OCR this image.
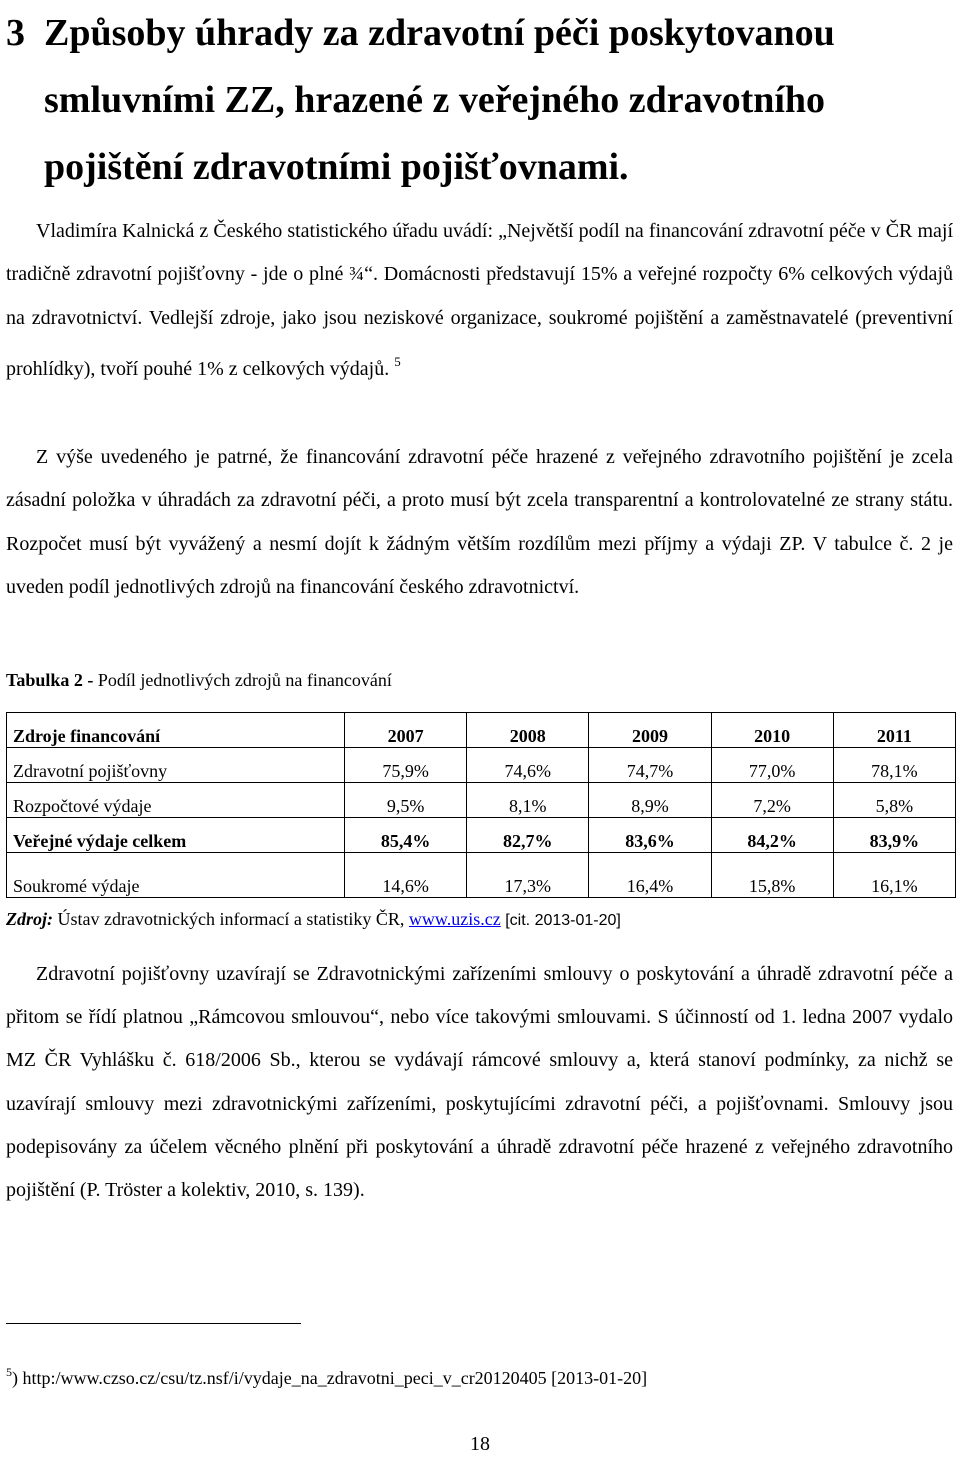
3 Způsoby úhrady za zdravotní péči poskytovanou
smluvními ZZ, hrazené z veřejného zdravotního
pojištění zdravotními pojišťovnami.

Vladimíra Kalnická z Českého statistického úřadu uvádí: „Největší podíl na financování zdravotní péče v ČR mají tradičně zdravotní pojišťovny - jde o plné ¾“. Domácnosti představují 15% a veřejné rozpočty 6% celkových výdajů na zdravotnictví. Vedlejší zdroje, jako jsou neziskové organizace, soukromé pojištění a zaměstnavatelé (preventivní prohlídky), tvoří pouhé 1% z celkových výdajů. $^5$

Z výše uvedeného je patrné, že financování zdravotní péče hrazené z veřejného zdravotního pojištění je zcela zásadní položka v úhradách za zdravotní péči, a proto musí být zcela transparentní a kontrolovatelné ze strany státu. Rozpočet musí být vyvážený a nesmí dojít k žádným větším rozdílům mezi příjmy a výdaji ZP. V tabulce č. 2 je uveden podíl jednotlivých zdrojů na financování českého zdravotnictví.

Tabulka 2 - Podíl jednotlivých zdrojů na financování

Zdroje financování	2007	2008	2009	2010	2011
Zdravotní pojišťovny	75,9%	74,6%	74,7%	77,0%	78,1%
Rozpočtové výdaje	9,5%	8,1%	8,9%	7,2%	5,8%
Veřejné výdaje celkem	85,4%	82,7%	83,6%	84,2%	83,9%
Soukromé výdaje	14,6%	17,3%	16,4%	15,8%	16,1%

Zdroj: Ústav zdravotnických informací a statistiky ČR, www.uzis.cz [cit. 2013-01-20]

Zdravotní pojišťovny uzavírají se Zdravotnickými zařízeními smlouvy o poskytování a úhradě zdravotní péče a přitom se řídí platnou „Rámcovou smlouvou“, nebo více takovými smlouvami. S účinností od 1. ledna 2007 vydalo MZ ČR Vyhlášku č. 618/2006 Sb., kterou se vydávají rámcové smlouvy a, která stanoví podmínky, za nichž se uzavírají smlouvy mezi zdravotnickými zařízeními, poskytujícími zdravotní péči, a pojišťovnami. Smlouvy jsou podepisovány za účelem věcného plnění při poskytování a úhradě zdravotní péče hrazené z veřejného zdravotního pojištění (P. Tröster a kolektiv, 2010, s. 139).

$^5$) http:/www.czso.cz/csu/tz.nsf/i/vydaje_na_zdravotni_peci_v_cr20120405 [2013-01-20]

18
